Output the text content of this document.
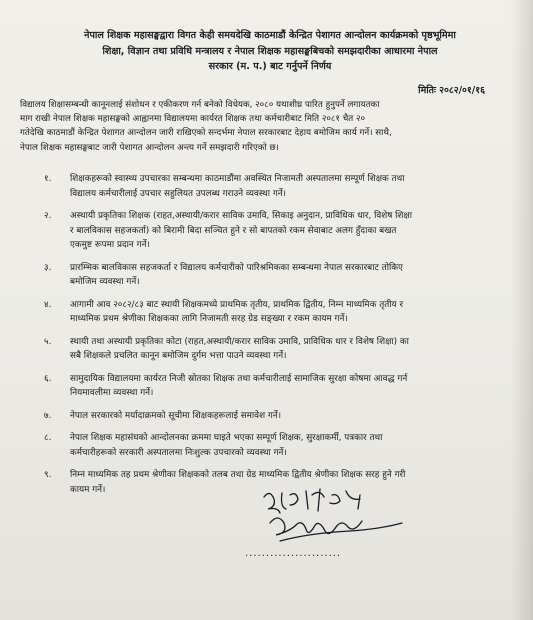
नेपाल शिक्षक महासङ्घद्वारा विगत केही समयदेखि काठमाडौं केन्द्रित पेशागत आन्दोलन कार्यक्रमको पृष्ठभूमिमा
शिक्षा, विज्ञान तथा प्रविधि मन्त्रालय र नेपाल शिक्षक महासङ्घबिचको समझदारीका आधारमा नेपाल
सरकार (म. प.) बाट गर्नुपर्ने निर्णय
मितिः २०८२/०१/१६
विद्यालय शिक्षासम्बन्धी कानूनलाई संशोधन र एकीकरण गर्न बनेको विधेयक, २०८० यथाशीघ्र पारित हुनुपर्ने लगायतका
माग राखी नेपाल शिक्षक महासङ्घको आह्वानमा विद्यालयमा कार्यरत शिक्षक तथा कर्मचारीबाट मिति २०८१ चैत २०
गतेदेखि काठमाडौं केन्द्रित पेशागत आन्दोलन जारी राखिएको सन्दर्भमा नेपाल सरकारबाट देहाय बमोजिम कार्य गर्ने। साथै,
नेपाल शिक्षक महासङ्घबाट जारी पेशागत आन्दोलन अन्त्य गर्ने समझदारी गरिएको छ।
१.	शिक्षकहरूको स्वास्थ्य उपचारका सम्बन्धमा काठमाडौंमा अवस्थित निजामती अस्पतालमा सम्पूर्ण शिक्षक तथा
विद्यालय कर्मचारीलाई उपचार सहुलियत उपलब्ध गराउने व्यवस्था गर्ने।
२.	अस्थायी प्रकृतिका शिक्षक (राहत,अस्थायी/करार साविक उमावि, सिकाइ अनुदान, प्राविधिक धार, विशेष शिक्षा
र बालविकास सहजकर्ता) को बिरामी बिदा सञ्चित हुने र सो बापतको रकम सेवाबाट अलग हुँदाका बखत
एकमुष्ट रूपमा प्रदान गर्ने।
३.	प्रारम्भिक बालविकास सहजकर्ता र विद्यालय कर्मचारीको पारिश्रमिकका सम्बन्धमा नेपाल सरकारबाट तोकिए
बमोजिम व्यवस्था गर्ने।
४.	आगामी आव २०८२/८३ बाट स्थायी शिक्षकमध्ये प्राथमिक तृतीय, प्राथमिक द्वितीय, निम्न माध्यमिक तृतीय र
माध्यमिक प्रथम श्रेणीका शिक्षकका लागि निजामती सरह ग्रेड सङ्ख्या र रकम कायम गर्ने।
५.	स्थायी तथा अस्थायी प्रकृतिका कोटा (राहत,अस्थायी/करार साविक उमावि, प्राविधिक धार र विशेष शिक्षा) का
सबै शिक्षकले प्रचलित कानून बमोजिम दुर्गम भत्ता पाउने व्यवस्था गर्ने।
६.	सामुदायिक विद्यालयमा कार्यरत निजी स्रोतका शिक्षक तथा कर्मचारीलाई सामाजिक सुरक्षा कोषमा आवद्ध गर्न
नियमावलीमा व्यवस्था गर्ने।
७.	नेपाल सरकारको मर्यादाक्रमको सूचीमा शिक्षकहरूलाई समावेश गर्ने।
८.	नेपाल शिक्षक महासंघको आन्दोलनका क्रममा घाइते भएका सम्पूर्ण शिक्षक, सुरक्षाकर्मी, पत्रकार तथा
कर्मचारीहरूको सरकारी अस्पतालमा निःशुल्क उपचारको व्यवस्था गर्ने।
९.	निम्न माध्यमिक तह प्रथम श्रेणीका शिक्षकको तलब तथा ग्रेड माध्यमिक द्वितीय श्रेणीका शिक्षक सरह हुने गरी
कायम गर्ने।
.......................
